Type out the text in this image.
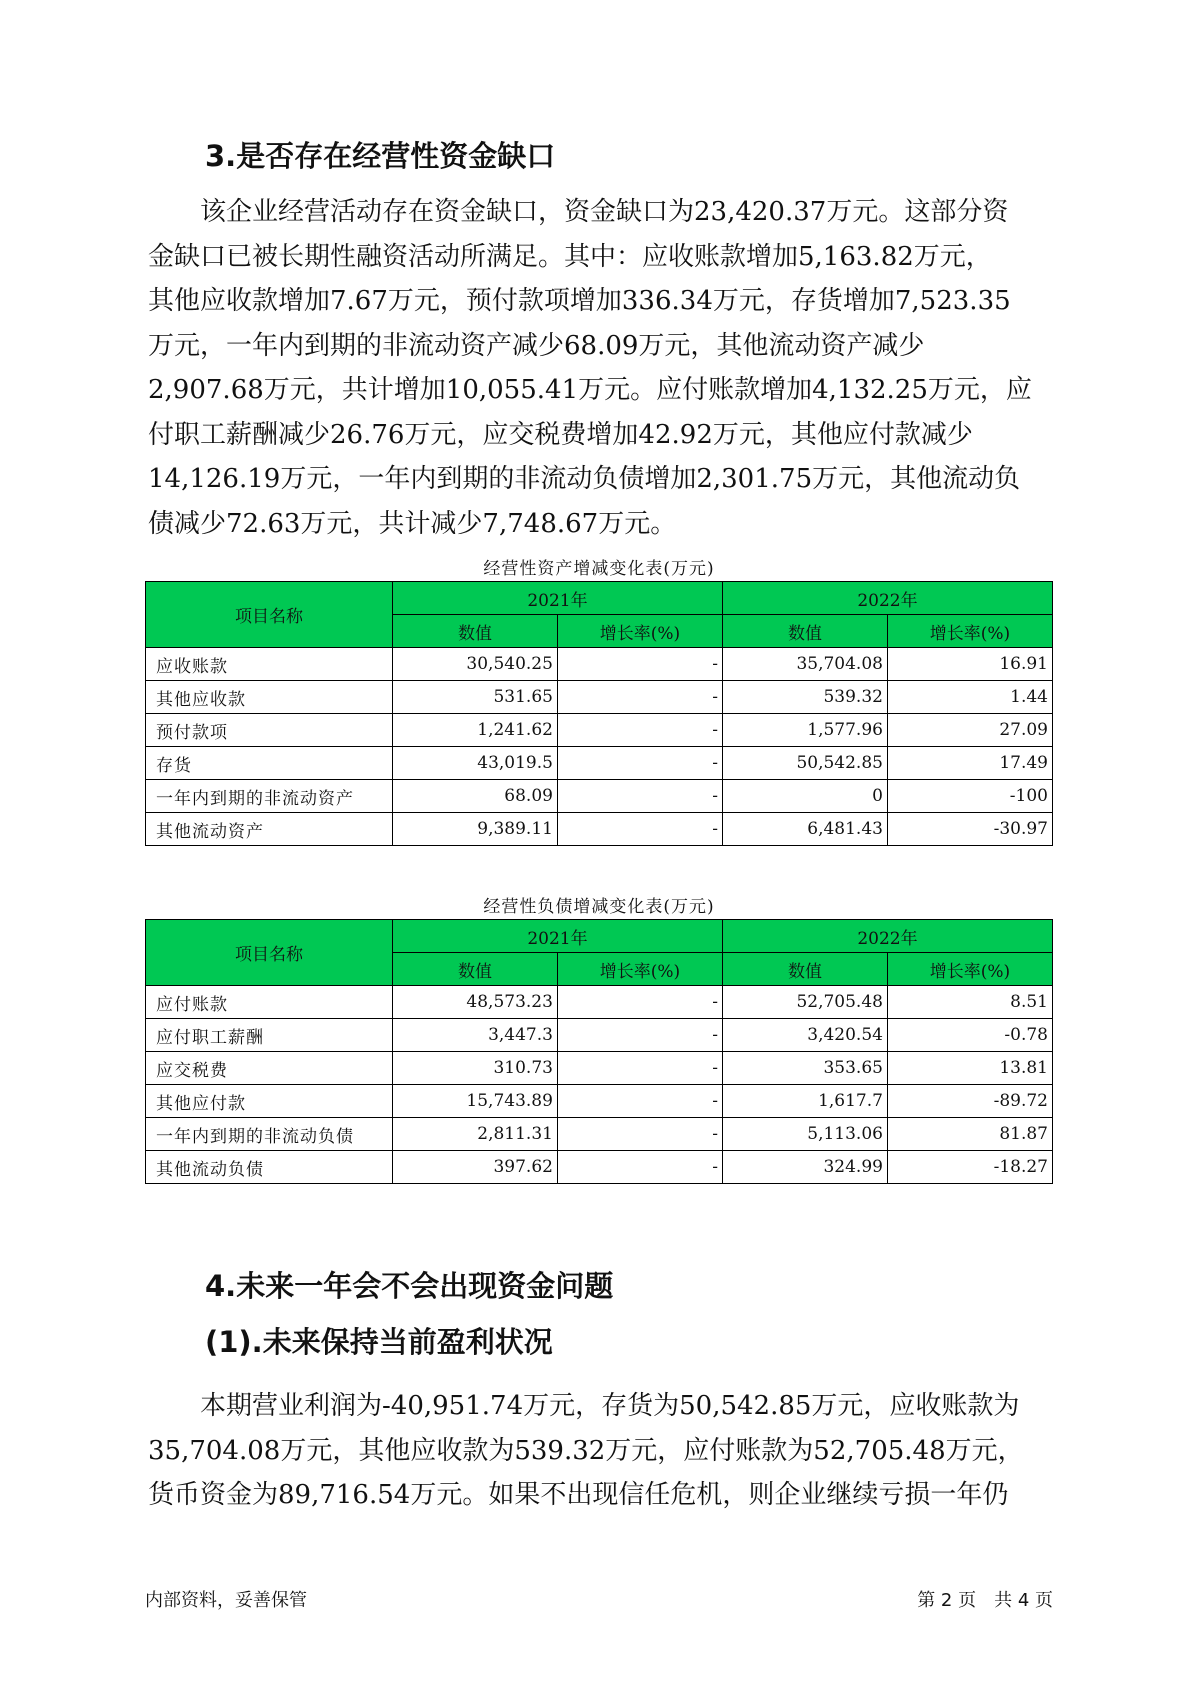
3.是否存在经营性资金缺口
　　该企业经营活动存在资金缺口，资金缺口为23,420.37万元。这部分资
金缺口已被长期性融资活动所满足。其中：应收账款增加5,163.82万元，
其他应收款增加7.67万元，预付款项增加336.34万元，存货增加7,523.35
万元，一年内到期的非流动资产减少68.09万元，其他流动资产减少
2,907.68万元，共计增加10,055.41万元。应付账款增加4,132.25万元，应
付职工薪酬减少26.76万元，应交税费增加42.92万元，其他应付款减少
14,126.19万元，一年内到期的非流动负债增加2,301.75万元，其他流动负
债减少72.63万元，共计减少7,748.67万元。
经营性资产增减变化表(万元)
项目名称	2021年		2022年	
	数值	增长率(%)	数值	增长率(%)
应收账款	30,540.25	-	35,704.08	16.91
其他应收款	531.65	-	539.32	1.44
预付款项	1,241.62	-	1,577.96	27.09
存货	43,019.5	-	50,542.85	17.49
一年内到期的非流动资产	68.09	-	0	-100
其他流动资产	9,389.11	-	6,481.43	-30.97
经营性负债增减变化表(万元)
项目名称	2021年		2022年	
	数值	增长率(%)	数值	增长率(%)
应付账款	48,573.23	-	52,705.48	8.51
应付职工薪酬	3,447.3	-	3,420.54	-0.78
应交税费	310.73	-	353.65	13.81
其他应付款	15,743.89	-	1,617.7	-89.72
一年内到期的非流动负债	2,811.31	-	5,113.06	81.87
其他流动负债	397.62	-	324.99	-18.27
4.未来一年会不会出现资金问题
(1).未来保持当前盈利状况
　　本期营业利润为-40,951.74万元，存货为50,542.85万元，应收账款为
35,704.08万元，其他应收款为539.32万元，应付账款为52,705.48万元，
货币资金为89,716.54万元。如果不出现信任危机，则企业继续亏损一年仍
内部资料，妥善保管	第 2 页　共 4 页
